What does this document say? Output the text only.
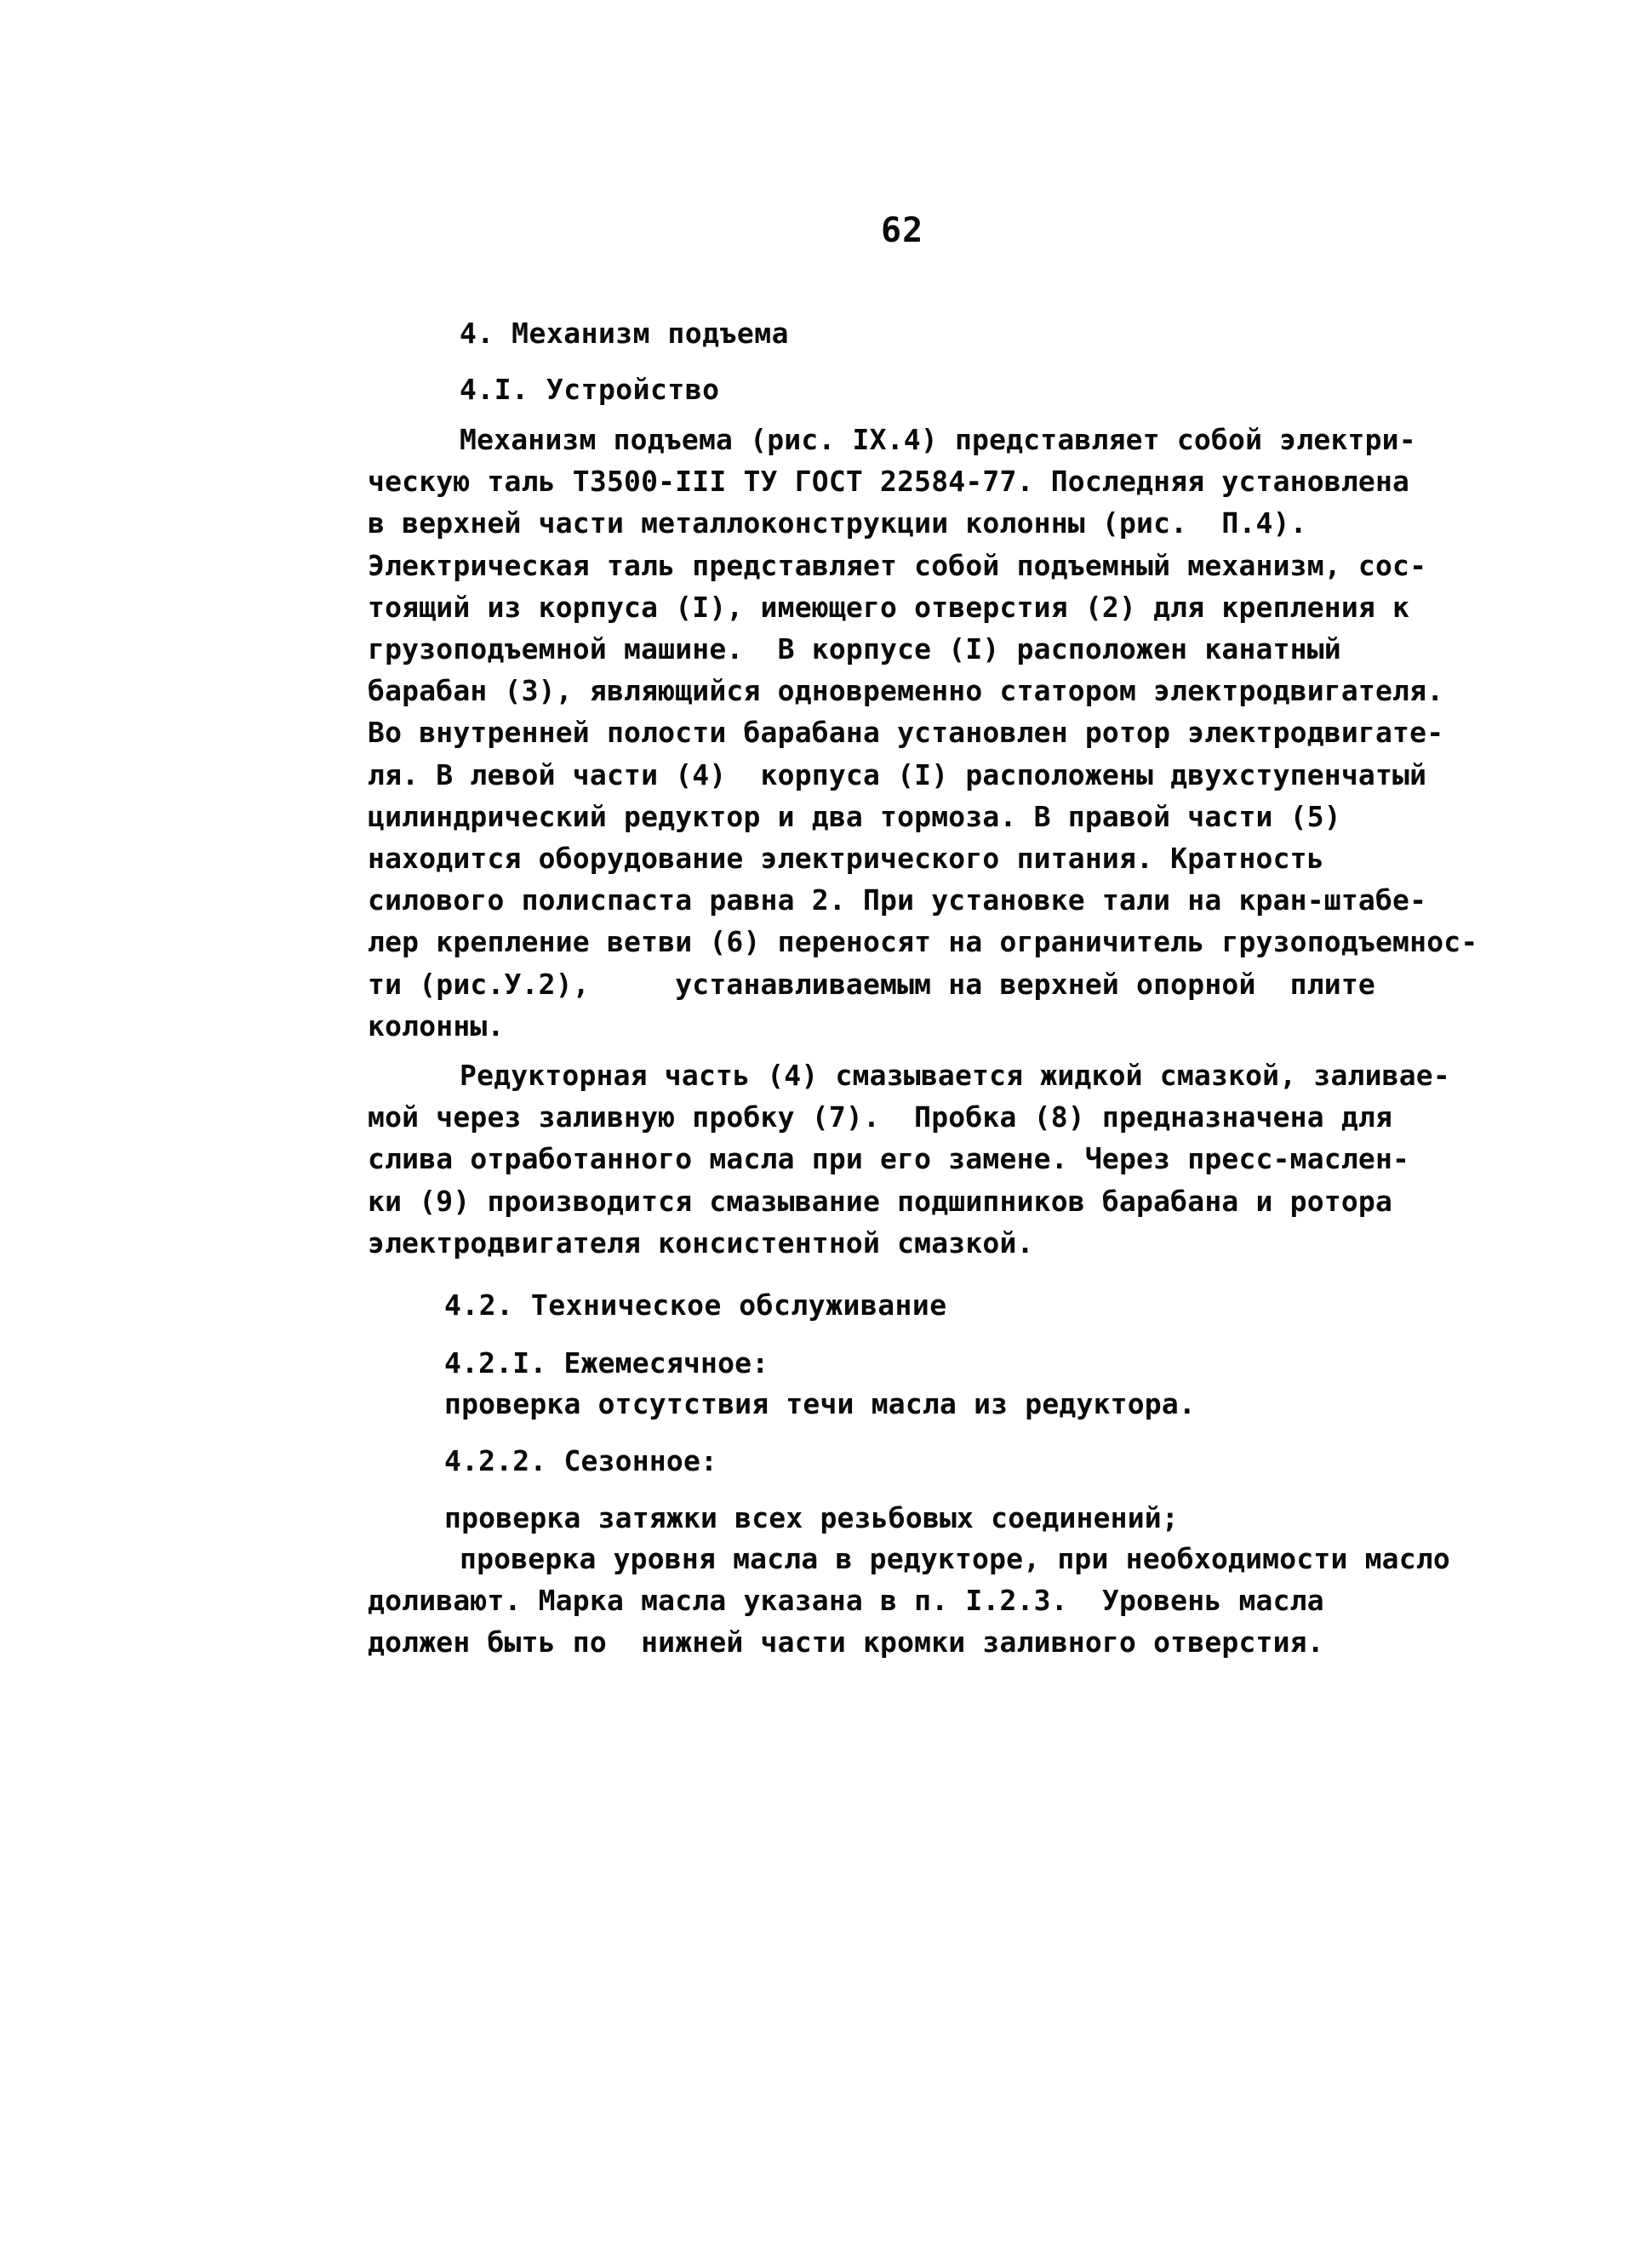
62
4. Механизм подъема
4.I. Устройство
Механизм подъема (рис. IX.4) представляет собой электри-
ческую таль Т3500-III ТУ ГОСТ 22584-77. Последняя установлена
в верхней части металлоконструкции колонны (рис.  П.4).
Электрическая таль представляет собой подъемный механизм, сос-
тоящий из корпуса (I), имеющего отверстия (2) для крепления к
грузоподъемной машине.  В корпусе (I) расположен канатный
барабан (3), являющийся одновременно статором электродвигателя.
Во внутренней полости барабана установлен ротор электродвигате-
ля. В левой части (4)  корпуса (I) расположены двухступенчатый
цилиндрический редуктор и два тормоза. В правой части (5)
находится оборудование электрического питания. Кратность
силового полиспаста равна 2. При установке тали на кран-штабе-
лер крепление ветви (6) переносят на ограничитель грузоподъемнос-
ти (рис.У.2),     устанавливаемым на верхней опорной  плите
колонны.
Редукторная часть (4) смазывается жидкой смазкой, заливае-
мой через заливную пробку (7).  Пробка (8) предназначена для
слива отработанного масла при его замене. Через пресс-маслен-
ки (9) производится смазывание подшипников барабана и ротора
электродвигателя консистентной смазкой.
4.2. Техническое обслуживание
4.2.I. Ежемесячное:
проверка отсутствия течи масла из редуктора.
4.2.2. Сезонное:
проверка затяжки всех резьбовых соединений;
проверка уровня масла в редукторе, при необходимости масло
доливают. Марка масла указана в п. I.2.3.  Уровень масла
должен быть по  нижней части кромки заливного отверстия.
